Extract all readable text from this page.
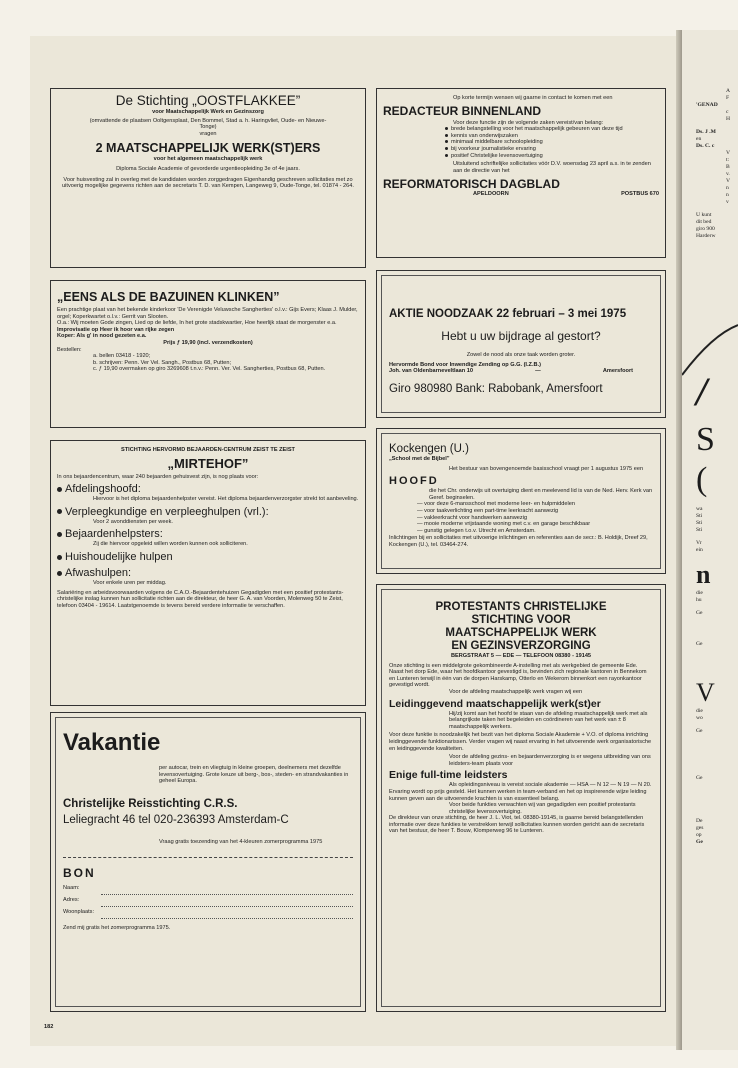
A
F
'GENAD
c
H
Ds. J .M
en
Ds. C. c
V
t:
B
v.
V
n
n
v
U kunt
dit bed
giro 900
Harderw
/
S
(
wa
Sti
Sti
Sti
Vr
ein
n
die
hu
Ge
Ge
V
die
wo
Ge
Ge
De
ges
op
Ge
De Stichting „OOSTFLAKKEE”
voor Maatschappelijk Werk en Gezinszorg
(omvattende de plaatsen Ooltgensplaat, Den Bommel, Stad a. h. Haringvliet, Oude- en Nieuwe-Tonge)
vragen
2 MAATSCHAPPELIJK WERK(ST)ERS
voor het algemeen maatschappelijk werk
Diploma Sociale Academie of gevorderde urgentieopleiding 3e of 4e jaars.
Voor huisvesting zal in overleg met de kandidaten worden zorggedragen Eigenhandig geschreven sollicitaties met zo uitvoerig mogelijke gegevens richten aan de secretaris T. D. van Kempen, Langeweg 9, Oude-Tonge, tel. 01874 - 264.
„EENS ALS DE BAZUINEN KLINKEN”
Een prachtige plaat van het bekende kinderkoor 'De Verenigde Veluwsche Sangherties' o.l.v.: Gijs Evers; Klaas J. Mulder, orgel; Koperkwartet o.l.v.: Gerrit van Slooten.
O.a.: Wij moeten Gode zingen, Lied op de liefde, In het grote stadskwartier, Hoe heerlijk staat de morgenster e.a.
Improvisatie op Heer ik hoor van rijke zegen
Koper: Als g' in nood gezeten e.a.
Prijs ƒ 19,90 (incl. verzendkosten)
Bestellen:
a. bellen 03418 - 1920;
b. schrijven: Penn. Ver Vel. Sangh., Postbus 68, Putten;
c. ƒ 19,90 overmaken op giro 3269608 t.n.v.: Penn. Ver. Vel. Sangherties, Postbus 68, Putten.
STICHTING HERVORMD BEJAARDEN-CENTRUM ZEIST TE ZEIST
„MIRTEHOF”
In ons bejaardencentrum, waar 240 bejaarden gehuisvest zijn, is nog plaats voor:
Afdelingshoofd:
Hiervoor is het diploma bejaardenhelpster vereist. Het diploma bejaardenverzorgster strekt tot aanbeveling.
Verpleegkundige en verpleeghulpen (vrl.):
Voor 2 avonddiensten per week.
Bejaardenhelpsters:
Zij die hiervoor opgeleid willen worden kunnen ook solliciteren.
Huishoudelijke hulpen
Afwashulpen:
Voor enkele uren per middag.
Salariëring en arbeidsvoorwaarden volgens de C.A.O.-Bejaardentehuizen Gegadigden met een positief protestants-christelijke inslag kunnen hun sollicitatie richten aan de direkteur, de heer G. A. van Voorden, Molenweg 50 te Zeist, telefoon 03404 - 19614. Laatstgenoemde is tevens bereid verdere informatie te verschaffen.
Vakantie
per autocar, trein en vliegtuig in kleine groepen, deelnemers met dezelfde levensovertuiging. Grote keuze uit berg-, bos-, steden- en strandvakanties in geheel Europa.
Christelijke Reisstichting C.R.S.
Leliegracht 46 tel 020-236393 Amsterdam-C
Vraag gratis toezending van het 4-kleuren zomerprogramma 1975
BON
Naam:
Adres:
Woonplaats:
Zend mij gratis het zomerprogramma 1975.
Op korte termijn wensen wij gaarne in contact te komen met een
REDACTEUR BINNENLAND
Voor deze functie zijn de volgende zaken vereist/van belang:
brede belangstelling voor het maatschappelijk gebeuren van deze tijd
kennis van onderwijszaken
minimaal middelbare schoolopleiding
bij voorkeur journalistieke ervaring
positief Christelijke levensovertuiging
Uitsluitend schriftelijke sollicitaties vóór D.V. woensdag 23 april a.s. in te zenden aan de directie van het
REFORMATORISCH DAGBLAD
APELDOORN	POSTBUS 670
AKTIE NOODZAAK 22 februari – 3 mei 1975
Hebt u uw bijdrage al gestort?
Zowel de nood als onze taak worden groter.
Hervormde Bond voor Inwendige Zending op G.G. (I.Z.B.)
Joh. van Oldenbarneveltlaan 10	—	Amersfoort
Giro 980980 Bank: Rabobank, Amersfoort
Kockengen (U.)
„School met de Bijbel”
Het bestuur van bovengenoemde basisschool vraagt per 1 augustus 1975 een
HOOFD
die het Chr. onderwijs uit overtuiging dient en meelevend lid is van de Ned. Herv. Kerk van Geref. beginselen.
— voor deze 6-mansschool met moderne leer- en hulpmiddelen
— voor taakverlichting een part-time leerkracht aanwezig
— vakleerkracht voor handwerken aanwezig
— mooie moderne vrijstaande woning met c.v. en garage beschikbaar
— gunstig gelegen t.o.v. Utrecht en Amsterdam.
Inlichtingen bij en sollicitaties met uitvoerige inlichtingen en referenties aan de secr.: B. Holdijk, Dreef 29, Kockengen (U.), tel. 03464-274.
PROTESTANTS CHRISTELIJKE
STICHTING VOOR
MAATSCHAPPELIJK WERK
EN GEZINSVERZORGING
BERGSTRAAT 5 — EDE — TELEFOON 08380 - 19145
Onze stichting is een middelgrote gekombineerde A-instelling met als werkgebied de gemeente Ede. Naast het dorp Ede, waar het hoofdkantoor gevestigd is, bevinden zich regionale kantoren in Bennekom en Lunteren terwijl in één van de dorpen Harskamp, Otterlo en Wekerom binnenkort een rayonkantoor gevestigd wordt.
Voor de afdeling maatschappelijk werk vragen wij een
Leidinggevend maatschappelijk werk(st)er
Hij/zij komt aan het hoofd te staan van de afdeling maatschappelijk werk met als belangrijkste taken het begeleiden en coördineren van het werk van ± 8 maatschappelijk werkers.
Voor deze funktie is noodzakelijk het bezit van het diploma Sociale Akademie + V.O. of diploma inrichting leidinggevende funktionarissen. Verder vragen wij naast ervaring in het uitvoerende werk organisatorische en leidinggevende kwaliteiten.
Voor de afdeling gezins- en bejaardenverzorging is er wegens uitbreiding van ons leidsters-team plaats voor
Enige full-time leidsters
Als opleidingsniveau is vereist sociale akademie — HSA — N 12 — N 19 — N 20.
Ervaring wordt op prijs gesteld. Het kunnen werken in team-verband en het op inspirerende wijze leiding kunnen geven aan de uitvoerende krachten is van essentieel belang.
Voor beide funkties verwachten wij van gegadigden een positief protestants christelijke levensovertuiging.
De direkteur van onze stichting, de heer J. L. Viot, tel. 08380-19145, is gaarne bereid belangstellenden informatie over deze funkties te verstrekken terwijl sollicitaties kunnen worden gericht aan de secretaris van het bestuur, de heer T. Bouw, Klomperweg 96 te Lunteren.
182
